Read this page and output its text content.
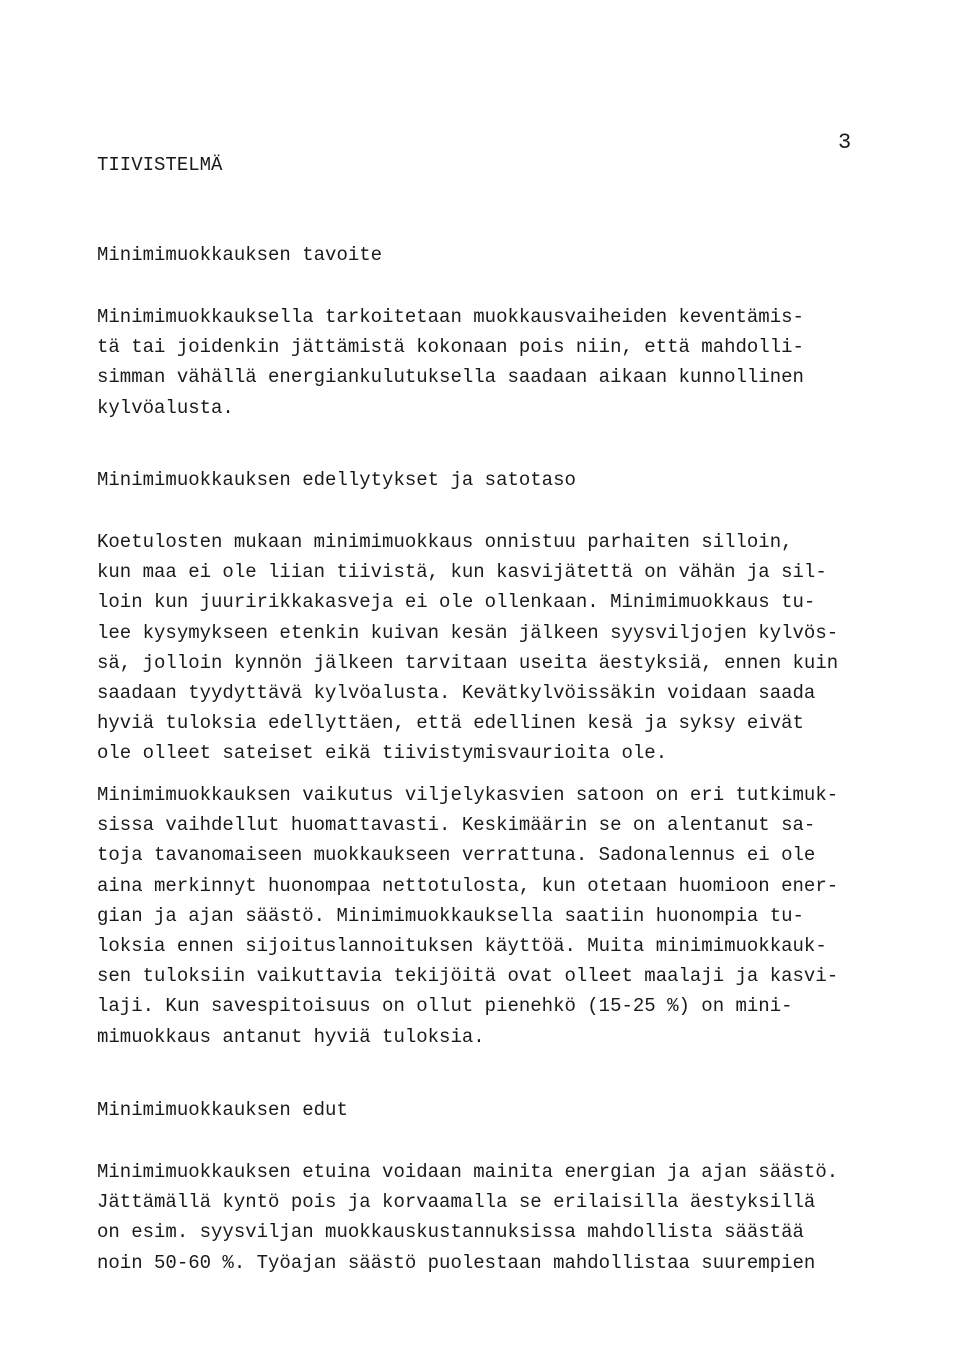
3
TIIVISTELMÄ
Minimimuokkauksen tavoite
Minimimuokkauksella tarkoitetaan muokkausvaiheiden keventämis-
tä tai joidenkin jättämistä kokonaan pois niin, että mahdolli-
simman vähällä energiankulutuksella saadaan aikaan kunnollinen
kylvöalusta.
Minimimuokkauksen edellytykset ja satotaso
Koetulosten mukaan minimimuokkaus onnistuu parhaiten silloin,
kun maa ei ole liian tiivistä, kun kasvijätettä on vähän ja sil-
loin kun juuririkkakasveja ei ole ollenkaan. Minimimuokkaus tu-
lee kysymykseen etenkin kuivan kesän jälkeen syysviljojen kylvös-
sä, jolloin kynnön jälkeen tarvitaan useita äestyksiä, ennen kuin
saadaan tyydyttävä kylvöalusta. Kevätkylvöissäkin voidaan saada
hyviä tuloksia edellyttäen, että edellinen kesä ja syksy eivät
ole olleet sateiset eikä tiivistymisvaurioita ole.
Minimimuokkauksen vaikutus viljelykasvien satoon on eri tutkimuk-
sissa vaihdellut huomattavasti. Keskimäärin se on alentanut sa-
toja tavanomaiseen muokkaukseen verrattuna. Sadonalennus ei ole
aina merkinnyt huonompaa nettotulosta, kun otetaan huomioon ener-
gian ja ajan säästö. Minimimuokkauksella saatiin huonompia tu-
loksia ennen sijoituslannoituksen käyttöä. Muita minimimuokkauk-
sen tuloksiin vaikuttavia tekijöitä ovat olleet maalaji ja kasvi-
laji. Kun savespitoisuus on ollut pienehkö (15-25 %) on mini-
mimuokkaus antanut hyviä tuloksia.
Minimimuokkauksen edut
Minimimuokkauksen etuina voidaan mainita energian ja ajan säästö.
Jättämällä kyntö pois ja korvaamalla se erilaisilla äestyksillä
on esim. syysviljan muokkauskustannuksissa mahdollista säästää
noin 50-60 %. Työajan säästö puolestaan mahdollistaa suurempien
